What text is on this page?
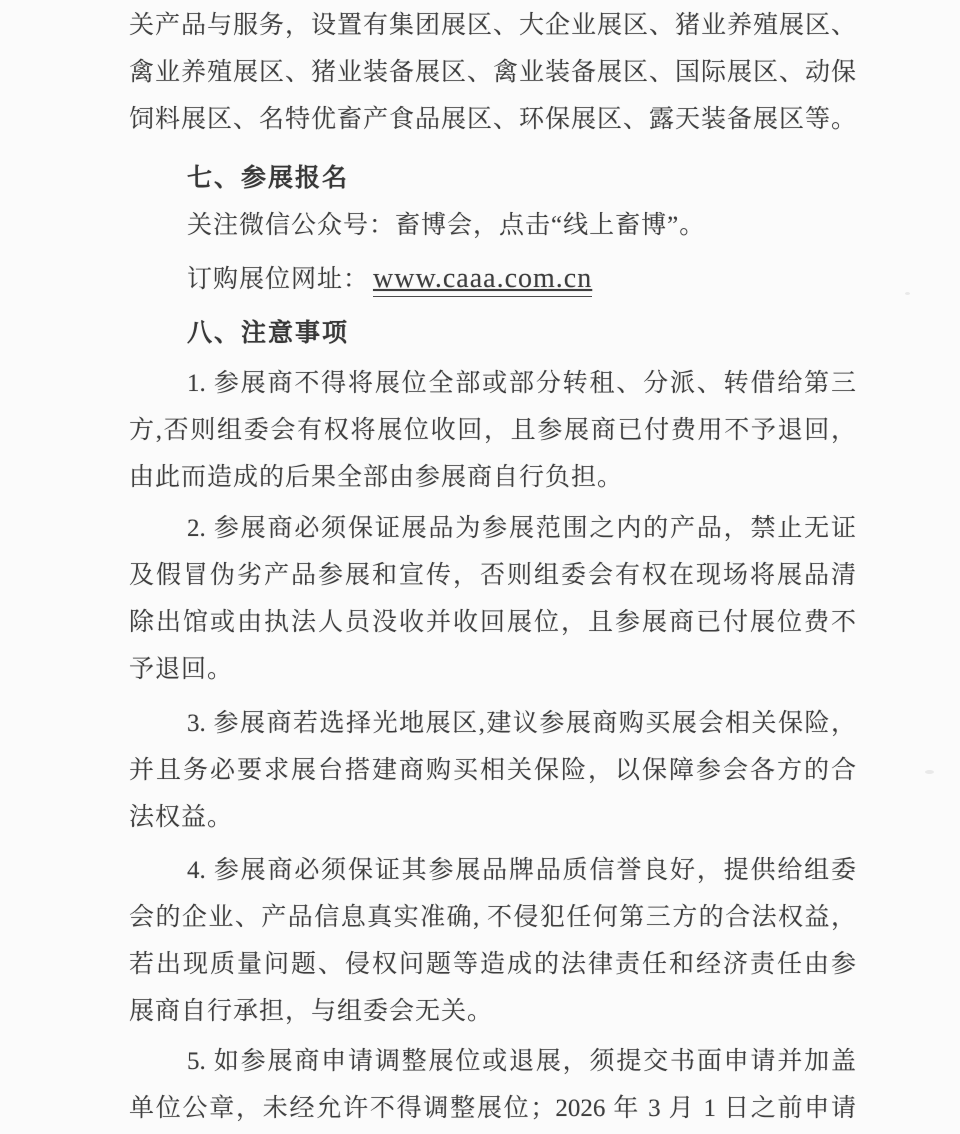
关产品与服务，设置有集团展区、大企业展区、猪业养殖展区、
禽业养殖展区、猪业装备展区、禽业装备展区、国际展区、动保
饲料展区、名特优畜产食品展区、环保展区、露天装备展区等。
七、参展报名
关注微信公众号：畜博会，点击“线上畜博”。
订购展位网址： www.caaa.com.cn
八、注意事项
1. 参展商不得将展位全部或部分转租、分派、转借给第三
方,否则组委会有权将展位收回，且参展商已付费用不予退回，
由此而造成的后果全部由参展商自行负担。
2. 参展商必须保证展品为参展范围之内的产品，禁止无证
及假冒伪劣产品参展和宣传，否则组委会有权在现场将展品清
除出馆或由执法人员没收并收回展位，且参展商已付展位费不
予退回。
3. 参展商若选择光地展区,建议参展商购买展会相关保险，
并且务必要求展台搭建商购买相关保险，以保障参会各方的合
法权益。
4. 参展商必须保证其参展品牌品质信誉良好，提供给组委
会的企业、产品信息真实准确, 不侵犯任何第三方的合法权益，
若出现质量问题、侵权问题等造成的法律责任和经济责任由参
展商自行承担，与组委会无关。
5. 如参展商申请调整展位或退展，须提交书面申请并加盖
单位公章，未经允许不得调整展位；2026 年 3 月 1 日之前申请
